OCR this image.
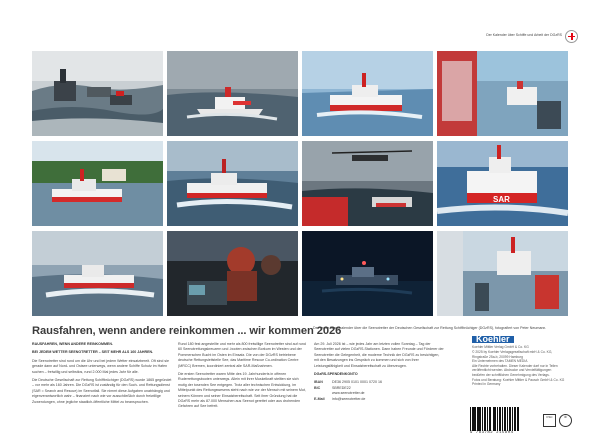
Der Kalender über Schiffe und Arbeit der DGzRS
SAR
Rausfahren, wenn andere reinkommen ... wir kommen 2026
Der große Wandkalender über die Seenotretter der Deutschen Gesellschaft zur Rettung Schiffbrüchiger (DGzRS), fotografiert von Peter Neumann.

RAUSFAHREN, WENN ANDERE REINKOMMEN.

BEI JEDEM WETTER SEENOTRETTER – SEIT MEHR ALS 160 JAHREN.

Die Seenotretter sind rund um die Uhr und bei jedem Wetter einsatzbereit. Oft sind sie gerade dann auf Nord- und Ostsee unterwegs, wenn andere Schiffe Schutz im Hafen suchen – freiwillig und selbstlos, rund 2.000 Mal jedes Jahr für alle.

Die Deutsche Gesellschaft zur Rettung Schiffbrüchiger (DGzRS) wurde 1865 gegründet – vor mehr als 160 Jahren. Die DGzRS ist zuständig für den Such- und Rettungsdienst (SAR = Search and Rescue) im Seenotfall. Sie nimmt diese Aufgaben unabhängig und eigenverantwortlich wahr – finanziert nach wie vor ausschließlich durch freiwillige Zuwendungen, ohne jegliche staatlich-öffentliche Mittel zu beanspruchen.

Rund 180 fest angestellte und mehr als 800 freiwillige Seenotretter sind auf rund 60 Seenotrettungskreuzern und -booten zwischen Borkum im Westen und der Pommerschen Bucht im Osten im Einsatz. Die von der DGzRS betriebene deutsche Rettungsleitstelle See, das Maritime Rescue Co-ordination Centre (MRCC) Bremen, koordiniert zentral alle SAR-Maßnahmen.

Die ersten Seenotretter waren Mitte des 19. Jahrhunderts in offenen Ruderrettungsbooten unterwegs. Allein mit ihrer Muskelkraft stellten sie sich mutig der tosenden See entgegen. Trotz aller technischen Entwicklung, im Mittelpunkt des Rettungswesens steht nach wie vor der Mensch mit seinem Mut, seinem Können und seiner Einsatzbereitschaft. Seit ihrer Gründung hat die DGzRS mehr als 87.000 Menschen aus Seenot gerettet oder aus drohenden Gefahren auf See befreit.

Am 29. Juli 2026 ist – wie jedes Jahr am letzten vollen Sonntag – Tag der Seenotretter auf vielen DGzRS-Stationen. Dann haben Freunde und Förderer der Seenotretter die Gelegenheit, die moderne Technik der DGzRS zu besichtigen, mit den Besatzungen ins Gespräch zu kommen und sich von ihrer Leistungsfähigkeit und Einsatzbereitschaft zu überzeugen.

DGzRS-SPENDENKONTO

IBAN	DE36 2905 0101 0001 0720 16
BIC	SBREDE22
www.seenotretter.de
E-Mail info@seenotretter.de
Koehler
Koehler Mittler Verlag GmbH & Co. KG
© 2025 by Koehler Verlagsgesellschaft mbH & Co. KG,
Ringstraße 25a-b, 20099 Hamburg
Ein Unternehmen des TAMEN MEDIA
Alle Rechte vorbehalten. Dieser Kalender darf nur in Teilen
veröffentlicht werden. Abdrucke und Vervielfältigungen
bedürfen der schriftlichen Genehmigung des Verlags.
Fotos und Beratung: Koehler Mittler & Pausch GmbH & Co. KG
Printed in Germany
9 783782 215804
FSC	♻
